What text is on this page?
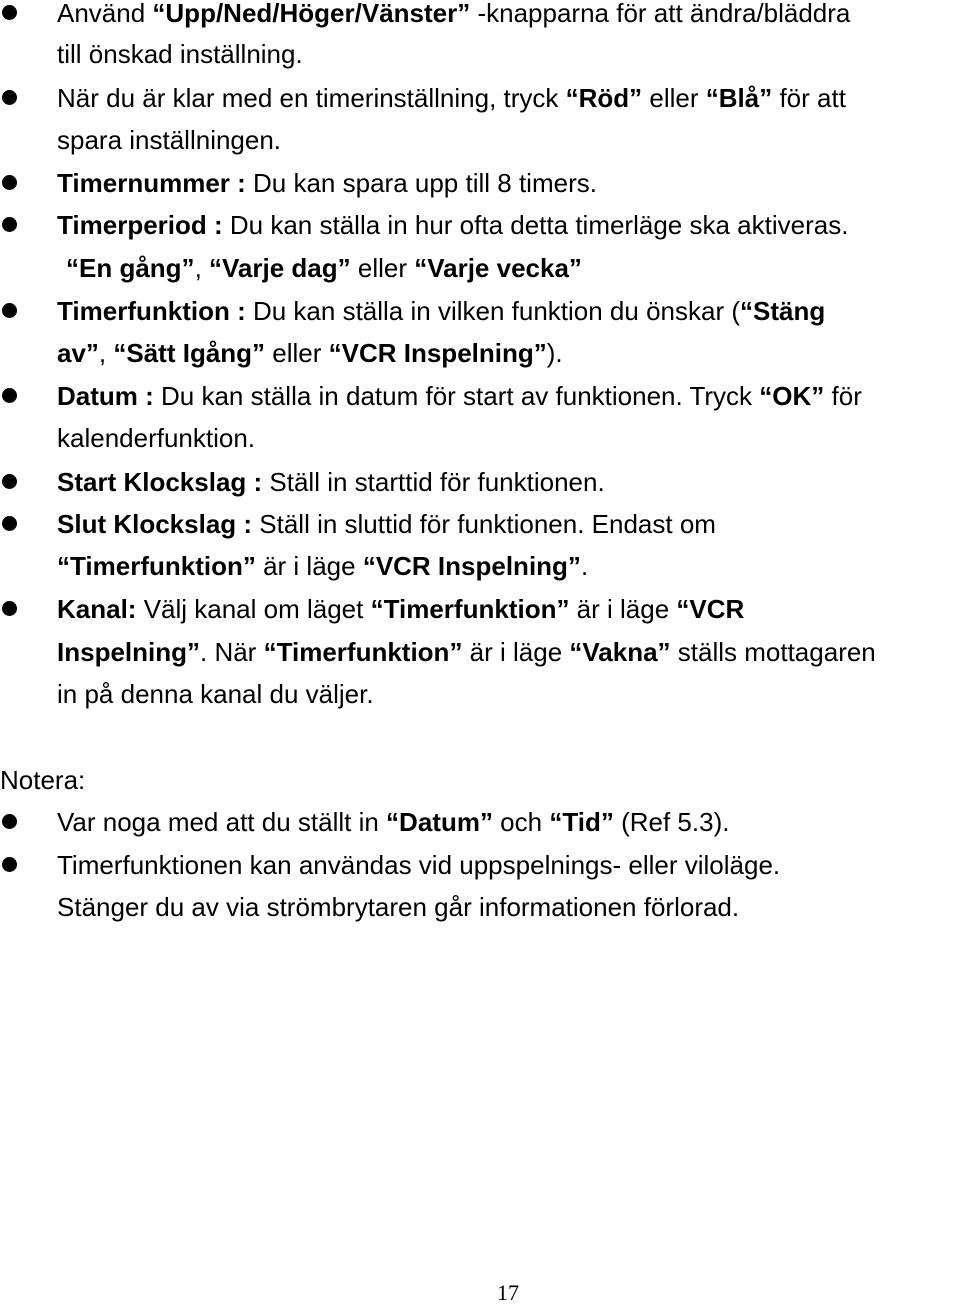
Använd “Upp/Ned/Höger/Vänster” -knapparna för att ändra/bläddra
till önskad inställning.
När du är klar med en timerinställning, tryck “Röd” eller “Blå” för att
spara inställningen.
Timernummer : Du kan spara upp till 8 timers.
Timerperiod : Du kan ställa in hur ofta detta timerläge ska aktiveras.
“En gång”, “Varje dag” eller “Varje vecka”
Timerfunktion : Du kan ställa in vilken funktion du önskar (“Stäng
av”, “Sätt Igång” eller “VCR Inspelning”).
Datum : Du kan ställa in datum för start av funktionen. Tryck “OK” för
kalenderfunktion.
Start Klockslag : Ställ in starttid för funktionen.
Slut Klockslag : Ställ in sluttid för funktionen. Endast om
“Timerfunktion” är i läge “VCR Inspelning”.
Kanal: Välj kanal om läget “Timerfunktion” är i läge “VCR
Inspelning”. När “Timerfunktion” är i läge “Vakna” ställs mottagaren
in på denna kanal du väljer.
Notera:
Var noga med att du ställt in “Datum” och “Tid” (Ref 5.3).
Timerfunktionen kan användas vid uppspelnings- eller viloläge.
Stänger du av via strömbrytaren går informationen förlorad.
17
